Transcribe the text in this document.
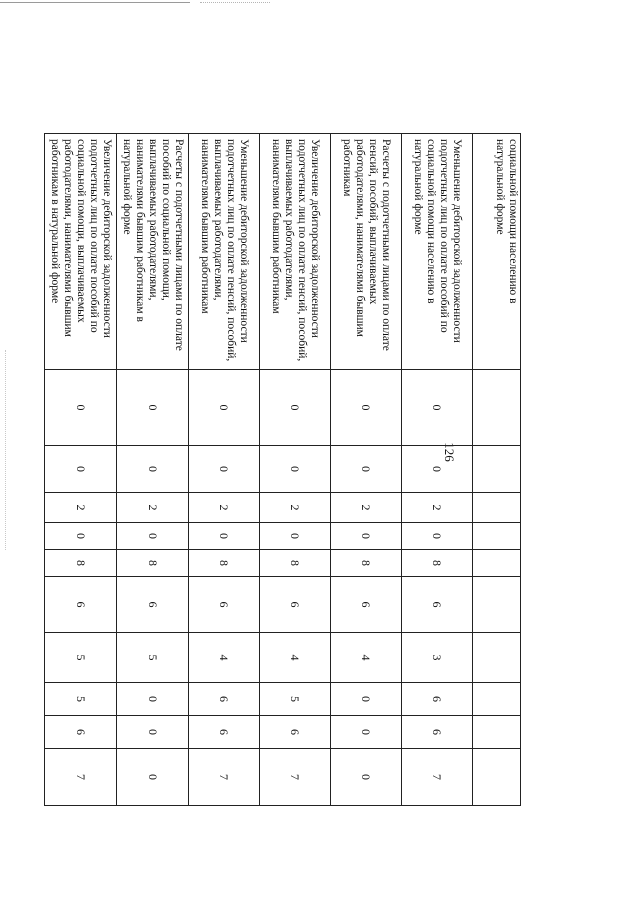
126
социальной помощи населению в натуральной форме										
Уменьшение дебиторской задолженности подотчетных лиц по оплате пособий по социальной помощи населению в натуральной форме	0	0	2	0	8	6	3	6	6	7
Расчеты с подотчетными лицами по оплате пенсий, пособий, выплачиваемых работодателями, нанимателями бывшим работникам	0	0	2	0	8	6	4	0	0	0
Увеличение дебиторской задолженности подотчетных лиц по оплате пенсий, пособий, выплачиваемых работодателями, нанимателями бывшим работникам	0	0	2	0	8	6	4	5	6	7
Уменьшение дебиторской задолженности подотчетных лиц по оплате пенсий, пособий, выплачиваемых работодателями, нанимателями бывшим работникам	0	0	2	0	8	6	4	6	6	7
Расчеты с подотчетными лицами по оплате пособий по социальной помощи, выплачиваемых работодателями, нанимателями бывшим работникам в натуральной форме	0	0	2	0	8	6	5	0	0	0
Увеличение дебиторской задолженности подотчетных лиц по оплате пособий по социальной помощи, выплачиваемых работодателями, нанимателями бывшим работникам в натуральной форме	0	0	2	0	8	6	5	5	6	7
